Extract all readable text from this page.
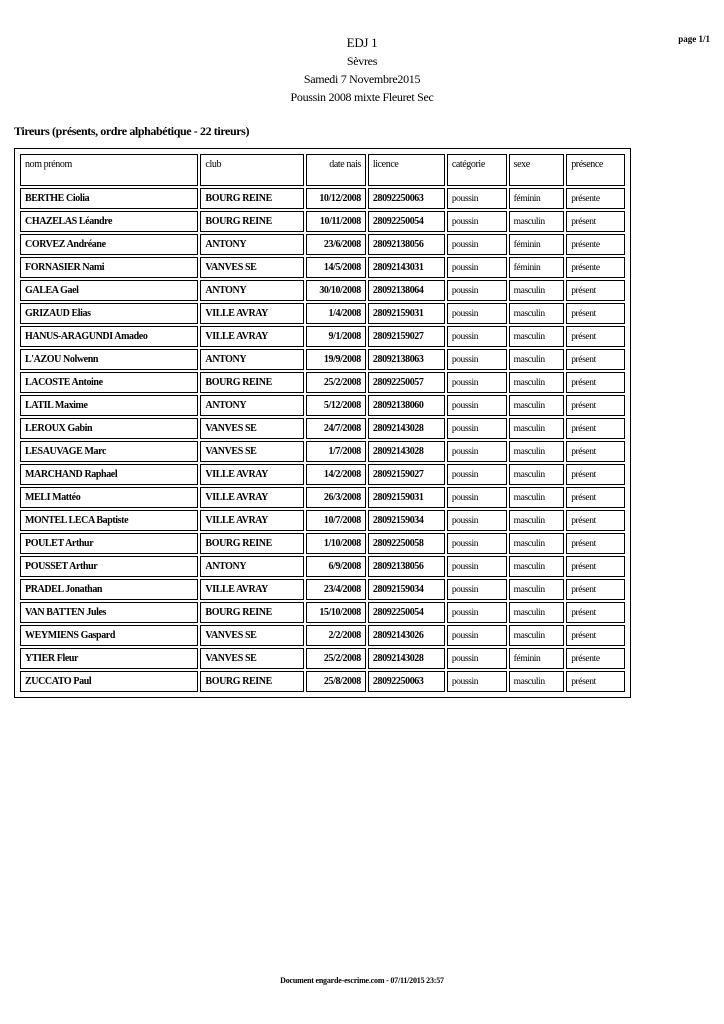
EDJ 1
Sèvres
Samedi 7 Novembre2015
Poussin 2008 mixte Fleuret Sec
page 1/1
Tireurs (présents, ordre alphabétique - 22 tireurs)
nom prénom	club	date nais	licence	catégorie	sexe	présence
BERTHE Ciolia	BOURG REINE	10/12/2008	28092250063	poussin	féminin	présente
CHAZELAS Léandre	BOURG REINE	10/11/2008	28092250054	poussin	masculin	présent
CORVEZ Andréane	ANTONY	23/6/2008	28092138056	poussin	féminin	présente
FORNASIER Nami	VANVES SE	14/5/2008	28092143031	poussin	féminin	présente
GALEA Gael	ANTONY	30/10/2008	28092138064	poussin	masculin	présent
GRIZAUD Elias	VILLE AVRAY	1/4/2008	28092159031	poussin	masculin	présent
HANUS-ARAGUNDI Amadeo	VILLE AVRAY	9/1/2008	28092159027	poussin	masculin	présent
L'AZOU Nolwenn	ANTONY	19/9/2008	28092138063	poussin	masculin	présent
LACOSTE Antoine	BOURG REINE	25/2/2008	28092250057	poussin	masculin	présent
LATIL Maxime	ANTONY	5/12/2008	28092138060	poussin	masculin	présent
LEROUX Gabin	VANVES SE	24/7/2008	28092143028	poussin	masculin	présent
LESAUVAGE Marc	VANVES SE	1/7/2008	28092143028	poussin	masculin	présent
MARCHAND Raphael	VILLE AVRAY	14/2/2008	28092159027	poussin	masculin	présent
MELI Mattéo	VILLE AVRAY	26/3/2008	28092159031	poussin	masculin	présent
MONTEL LECA Baptiste	VILLE AVRAY	10/7/2008	28092159034	poussin	masculin	présent
POULET Arthur	BOURG REINE	1/10/2008	28092250058	poussin	masculin	présent
POUSSET Arthur	ANTONY	6/9/2008	28092138056	poussin	masculin	présent
PRADEL Jonathan	VILLE AVRAY	23/4/2008	28092159034	poussin	masculin	présent
VAN BATTEN Jules	BOURG REINE	15/10/2008	28092250054	poussin	masculin	présent
WEYMIENS Gaspard	VANVES SE	2/2/2008	28092143026	poussin	masculin	présent
YTIER Fleur	VANVES SE	25/2/2008	28092143028	poussin	féminin	présente
ZUCCATO Paul	BOURG REINE	25/8/2008	28092250063	poussin	masculin	présent
Document engarde-escrime.com - 07/11/2015 23:57
